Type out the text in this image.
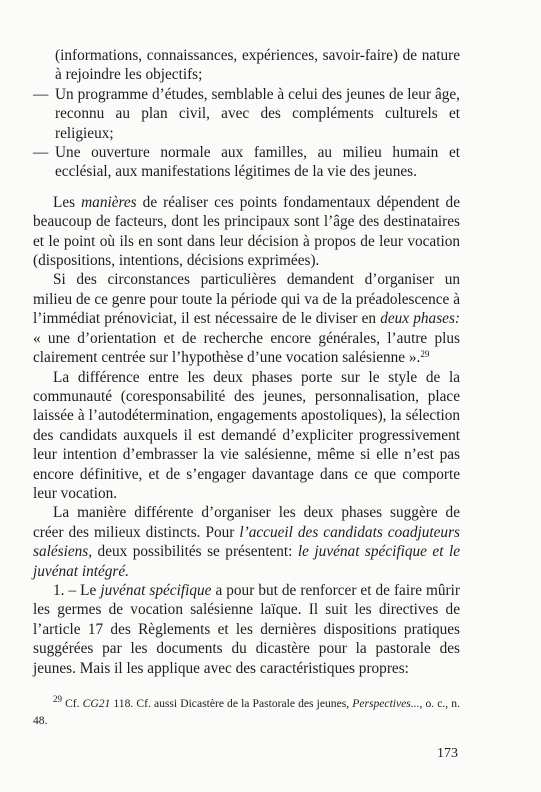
(informations, connaissances, expériences, savoir-faire) de nature à rejoindre les objectifs;

— Un programme d’études, semblable à celui des jeunes de leur âge, reconnu au plan civil, avec des compléments culturels et religieux;

— Une ouverture normale aux familles, au milieu humain et ecclésial, aux manifestations légitimes de la vie des jeunes.

Les manières de réaliser ces points fondamentaux dépendent de beaucoup de facteurs, dont les principaux sont l’âge des destinataires et le point où ils en sont dans leur décision à propos de leur vocation (dispositions, intentions, décisions exprimées).

Si des circonstances particulières demandent d’organiser un milieu de ce genre pour toute la période qui va de la préadolescence à l’immédiat prénoviciat, il est nécessaire de le diviser en deux phases: « une d’orientation et de recherche encore générales, l’autre plus clairement centrée sur l’hypothèse d’une vocation salésienne ».$^{29}$

La différence entre les deux phases porte sur le style de la communauté (coresponsabilité des jeunes, personnalisation, place laissée à l’autodétermination, engagements apostoliques), la sélection des candidats auxquels il est demandé d’expliciter progressivement leur intention d’embrasser la vie salésienne, même si elle n’est pas encore définitive, et de s’engager davantage dans ce que comporte leur vocation.

La manière différente d’organiser les deux phases suggère de créer des milieux distincts. Pour l’accueil des candidats coadjuteurs salésiens, deux possibilités se présentent: le juvénat spécifique et le juvénat intégré.

1. – Le juvénat spécifique a pour but de renforcer et de faire mûrir les germes de vocation salésienne laïque. Il suit les directives de l’article 17 des Règlements et les dernières dispositions pratiques suggérées par les documents du dicastère pour la pastorale des jeunes. Mais il les applique avec des caractéristiques propres:

$^{29}$ Cf. CG21 118. Cf. aussi Dicastère de la Pastorale des jeunes, Perspectives..., o. c., n. 48.

173
